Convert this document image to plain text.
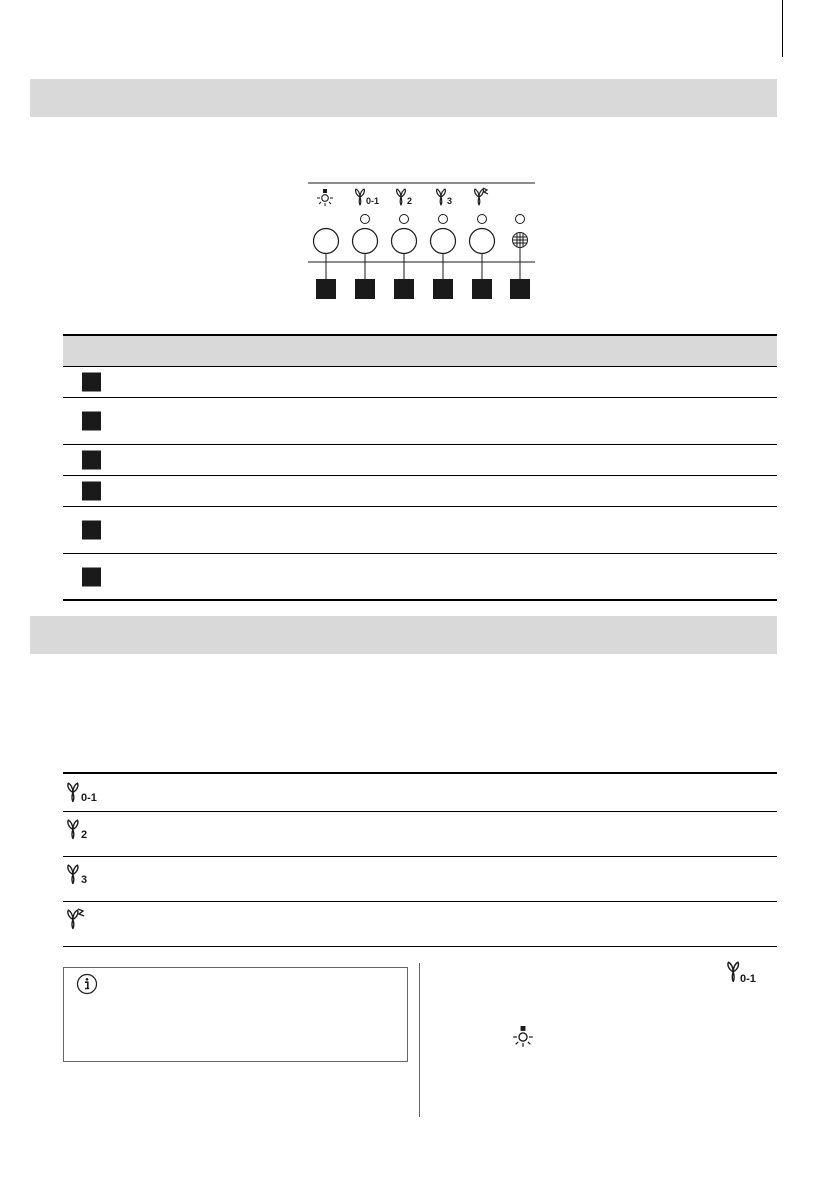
0-1	2	3
0-1
2
3
0-1
